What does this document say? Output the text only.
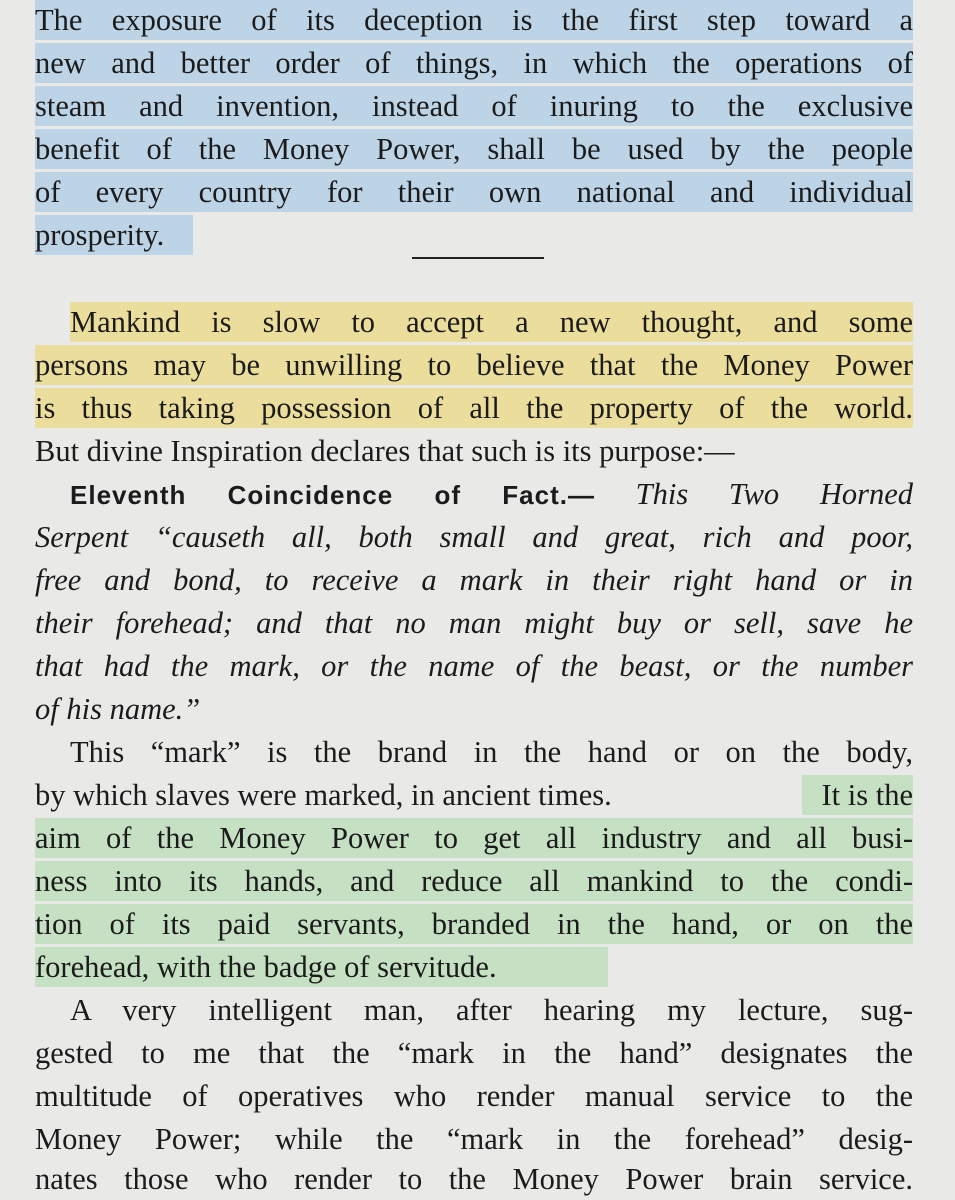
The exposure of its deception is the first step toward a
new and better order of things, in which the operations of
steam and invention, instead of inuring to the exclusive
benefit of the Money Power, shall be used by the people
of every country for their own national and individual
prosperity.
Mankind is slow to accept a new thought, and some
persons may be unwilling to believe that the Money Power
is thus taking possession of all the property of the world.
But divine Inspiration declares that such is its purpose:—
Eleventh Coincidence of Fact.— This Two Horned
Serpent “causeth all, both small and great, rich and poor,
free and bond, to receive a mark in their right hand or in
their forehead; and that no man might buy or sell, save he
that had the mark, or the name of the beast, or the number
of his name.”
This “mark” is the brand in the hand or on the body,
by which slaves were marked, in ancient times.	It is the
aim of the Money Power to get all industry and all busi-
ness into its hands, and reduce all mankind to the condi-
tion of its paid servants, branded in the hand, or on the
forehead, with the badge of servitude.
A very intelligent man, after hearing my lecture, sug-
gested to me that the “mark in the hand” designates the
multitude of operatives who render manual service to the
Money Power; while the “mark in the forehead” desig-
nates those who render to the Money Power brain service.
